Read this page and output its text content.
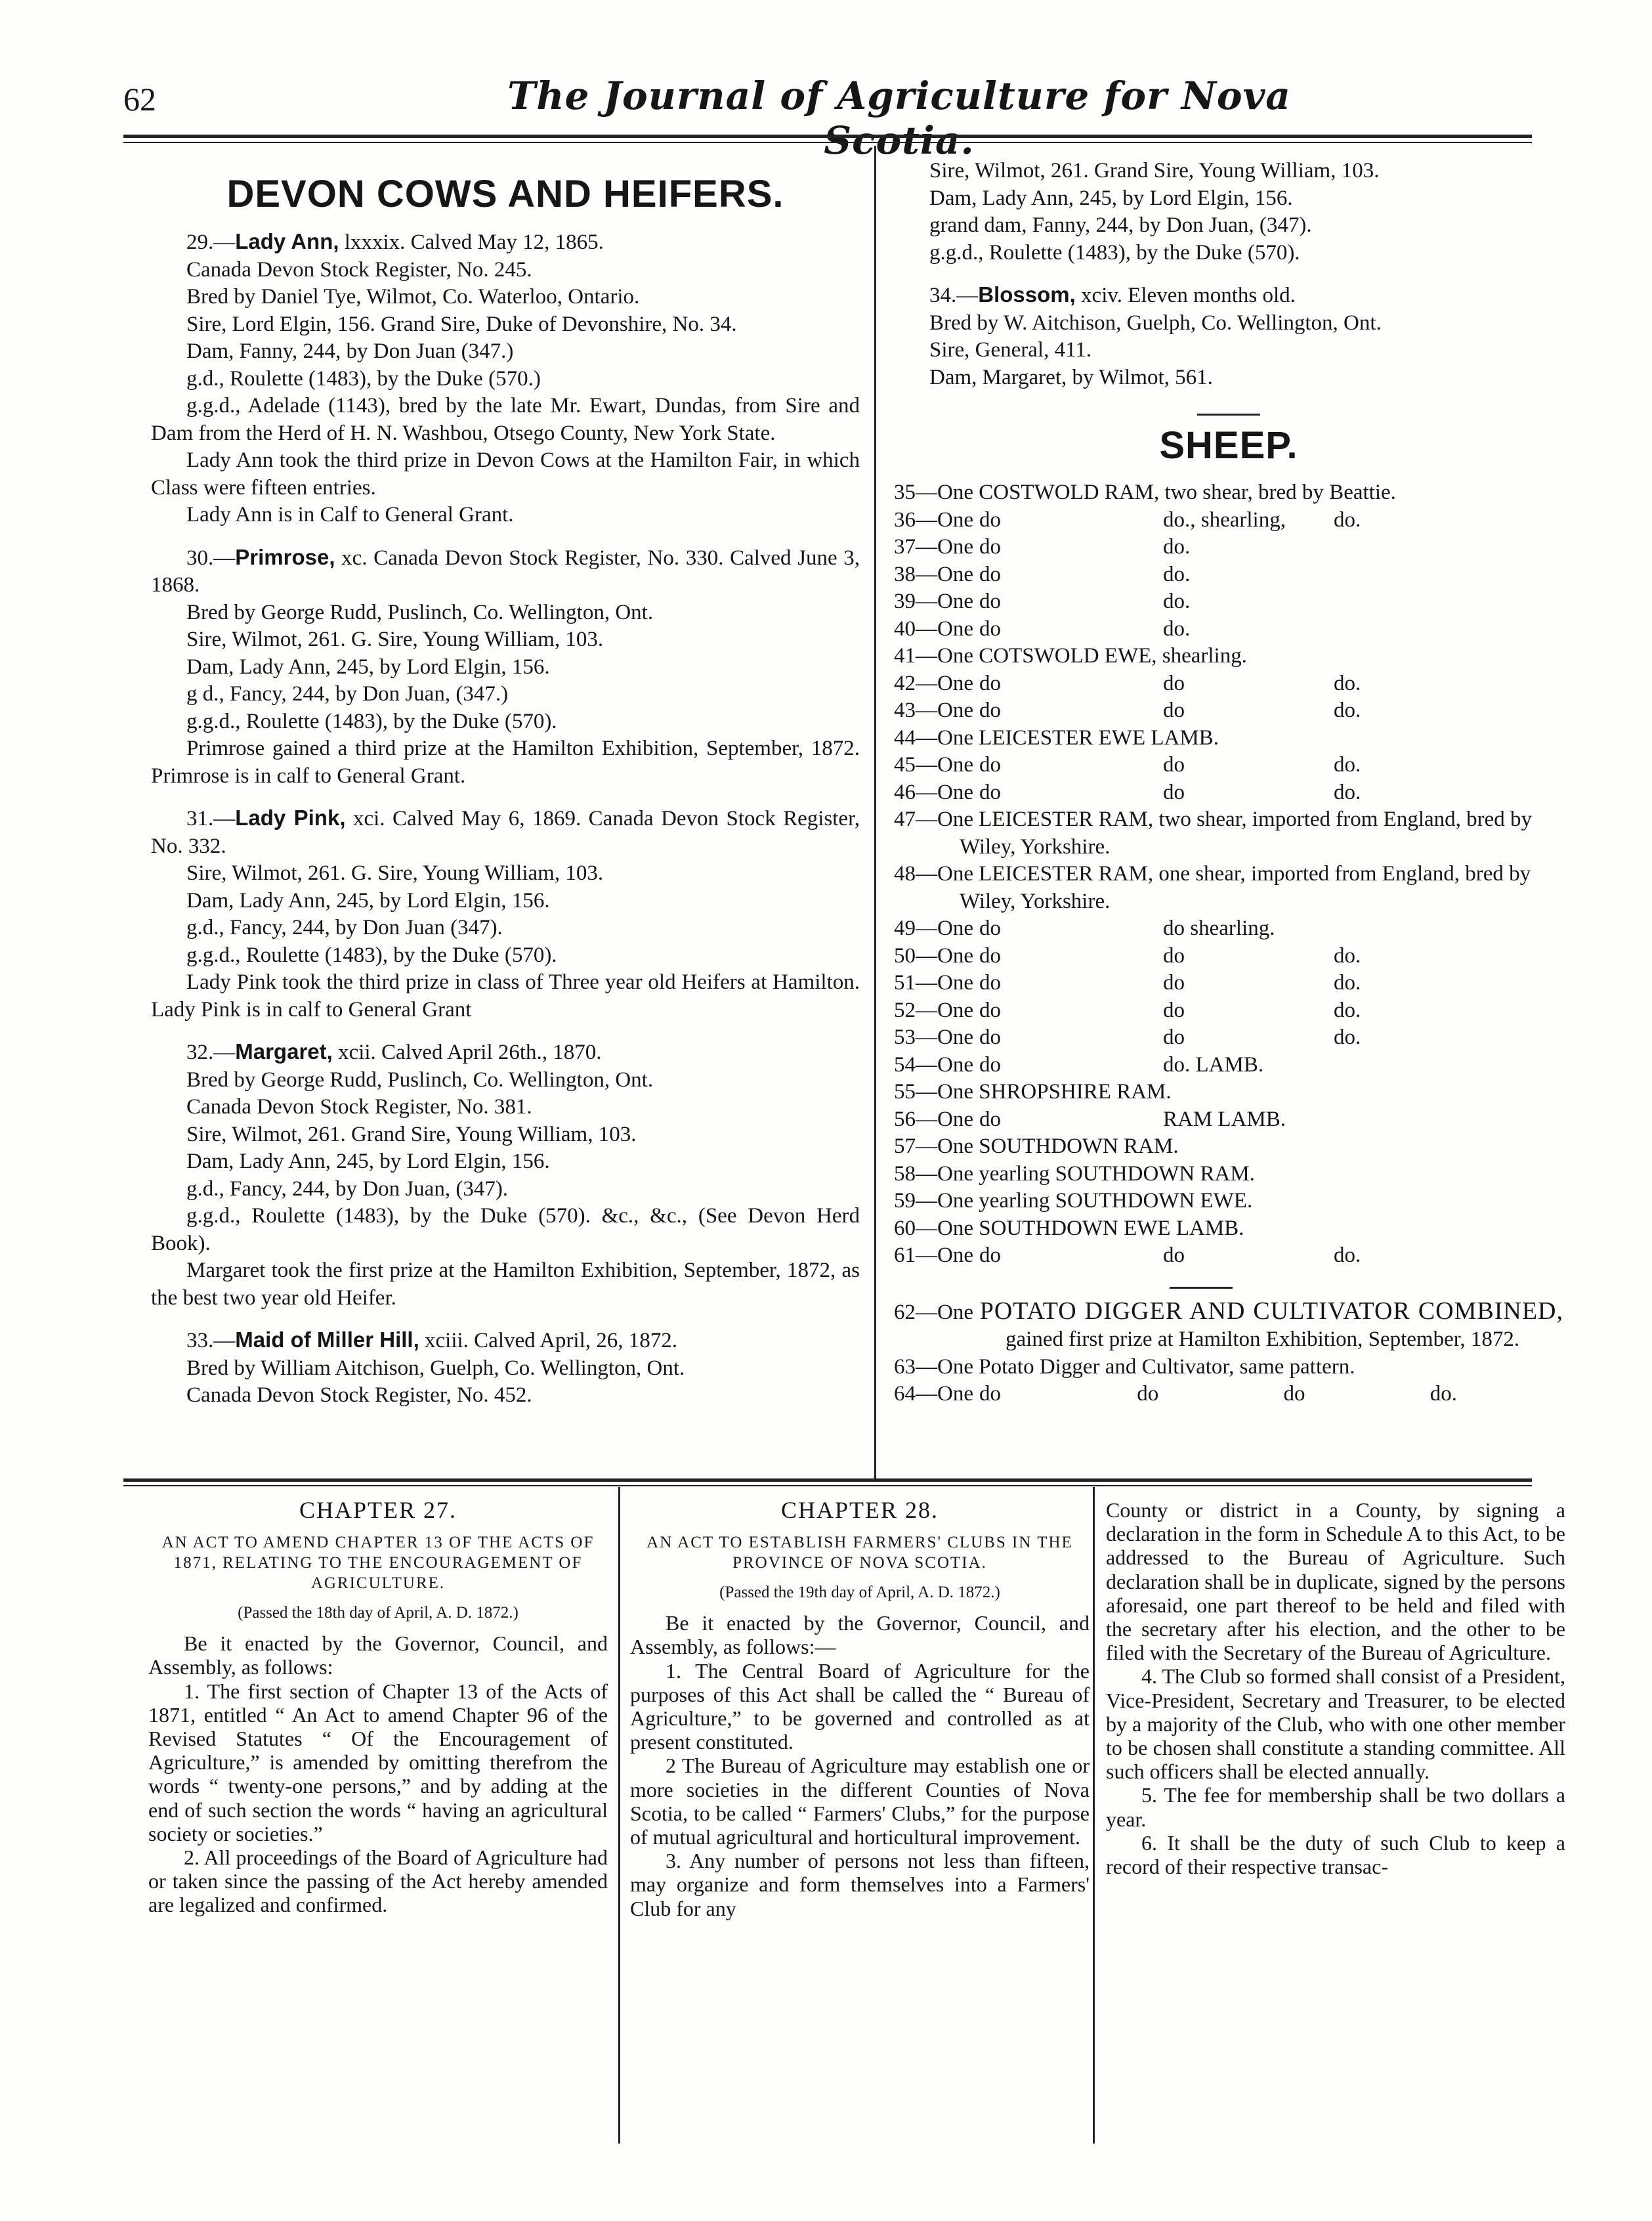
62	The Journal of Agriculture for Nova Scotia.
DEVON COWS AND HEIFERS.

29.—Lady Ann, lxxxix. Calved May 12, 1865.

Canada Devon Stock Register, No. 245.

Bred by Daniel Tye, Wilmot, Co. Waterloo, Ontario.

Sire, Lord Elgin, 156. Grand Sire, Duke of Devonshire, No. 34.

Dam, Fanny, 244, by Don Juan (347.)

g.d., Roulette (1483), by the Duke (570.)

g.g.d., Adelade (1143), bred by the late Mr. Ewart, Dundas, from Sire and Dam from the Herd of H. N. Washbou, Otsego County, New York State.

Lady Ann took the third prize in Devon Cows at the Hamilton Fair, in which Class were fifteen entries.

Lady Ann is in Calf to General Grant.

30.—Primrose, xc. Canada Devon Stock Register, No. 330. Calved June 3, 1868.

Bred by George Rudd, Puslinch, Co. Wellington, Ont.

Sire, Wilmot, 261. G. Sire, Young William, 103.

Dam, Lady Ann, 245, by Lord Elgin, 156.

g d., Fancy, 244, by Don Juan, (347.)

g.g.d., Roulette (1483), by the Duke (570).

Primrose gained a third prize at the Hamilton Exhibition, September, 1872. Primrose is in calf to General Grant.

31.—Lady Pink, xci. Calved May 6, 1869. Canada Devon Stock Register, No. 332.

Sire, Wilmot, 261. G. Sire, Young William, 103.

Dam, Lady Ann, 245, by Lord Elgin, 156.

g.d., Fancy, 244, by Don Juan (347).

g.g.d., Roulette (1483), by the Duke (570).

Lady Pink took the third prize in class of Three year old Heifers at Hamilton. Lady Pink is in calf to General Grant

32.—Margaret, xcii. Calved April 26th., 1870.

Bred by George Rudd, Puslinch, Co. Wellington, Ont.

Canada Devon Stock Register, No. 381.

Sire, Wilmot, 261. Grand Sire, Young William, 103.

Dam, Lady Ann, 245, by Lord Elgin, 156.

g.d., Fancy, 244, by Don Juan, (347).

g.g.d., Roulette (1483), by the Duke (570). &c., &c., (See Devon Herd Book).

Margaret took the first prize at the Hamilton Exhibition, September, 1872, as the best two year old Heifer.

33.—Maid of Miller Hill, xciii. Calved April, 26, 1872.

Bred by William Aitchison, Guelph, Co. Wellington, Ont.

Canada Devon Stock Register, No. 452.

Sire, Wilmot, 261. Grand Sire, Young William, 103.

Dam, Lady Ann, 245, by Lord Elgin, 156.

grand dam, Fanny, 244, by Don Juan, (347).

g.g.d., Roulette (1483), by the Duke (570).

34.—Blossom, xciv. Eleven months old.

Bred by W. Aitchison, Guelph, Co. Wellington, Ont.

Sire, General, 411.

Dam, Margaret, by Wilmot, 561.

SHEEP.

35—One COSTWOLD RAM, two shear, bred by Beattie.

36—One do	do., shearling,	do.
37—One do	do.
38—One do	do.
39—One do	do.
40—One do	do.

41—One COTSWOLD EWE, shearling.

42—One do	do	do.
43—One do	do	do.

44—One LEICESTER EWE LAMB.

45—One do	do	do.
46—One do	do	do.

47—One LEICESTER RAM, two shear, imported from England, bred by Wiley, Yorkshire.

48—One LEICESTER RAM, one shear, imported from England, bred by Wiley, Yorkshire.

49—One do	do shearling.
50—One do	do	do.
51—One do	do	do.
52—One do	do	do.
53—One do	do	do.
54—One do	do. LAMB.

55—One SHROPSHIRE RAM.

56—One do	RAM LAMB.

57—One SOUTHDOWN RAM.

58—One yearling SOUTHDOWN RAM.

59—One yearling SOUTHDOWN EWE.

60—One SOUTHDOWN EWE LAMB.

61—One do	do	do.

62—One POTATO DIGGER AND CULTIVATOR COMBINED, gained first prize at Hamilton Exhibition, September, 1872.

63—One Potato Digger and Cultivator, same pattern.

64—One do	do	do	do.

CHAPTER 27.

AN ACT TO AMEND CHAPTER 13 OF THE ACTS OF 1871, RELATING TO THE ENCOURAGEMENT OF AGRICULTURE.

(Passed the 18th day of April, A. D. 1872.)

Be it enacted by the Governor, Council, and Assembly, as follows:

1. The first section of Chapter 13 of the Acts of 1871, entitled “ An Act to amend Chapter 96 of the Revised Statutes “ Of the Encouragement of Agriculture,” is amended by omitting therefrom the words “ twenty-one persons,” and by adding at the end of such section the words “ having an agricultural society or societies.”

2. All proceedings of the Board of Agriculture had or taken since the passing of the Act hereby amended are legalized and confirmed.

CHAPTER 28.

AN ACT TO ESTABLISH FARMERS' CLUBS IN THE PROVINCE OF NOVA SCOTIA.

(Passed the 19th day of April, A. D. 1872.)

Be it enacted by the Governor, Council, and Assembly, as follows:—

1. The Central Board of Agriculture for the purposes of this Act shall be called the “ Bureau of Agriculture,” to be governed and controlled as at present constituted.

2 The Bureau of Agriculture may establish one or more societies in the different Counties of Nova Scotia, to be called “ Farmers' Clubs,” for the purpose of mutual agricultural and horticultural improvement.

3. Any number of persons not less than fifteen, may organize and form themselves into a Farmers' Club for any

County or district in a County, by signing a declaration in the form in Schedule A to this Act, to be addressed to the Bureau of Agriculture. Such declaration shall be in duplicate, signed by the persons aforesaid, one part thereof to be held and filed with the secretary after his election, and the other to be filed with the Secretary of the Bureau of Agriculture.

4. The Club so formed shall consist of a President, Vice-President, Secretary and Treasurer, to be elected by a majority of the Club, who with one other member to be chosen shall constitute a standing committee. All such officers shall be elected annually.

5. The fee for membership shall be two dollars a year.

6. It shall be the duty of such Club to keep a record of their respective transac-
